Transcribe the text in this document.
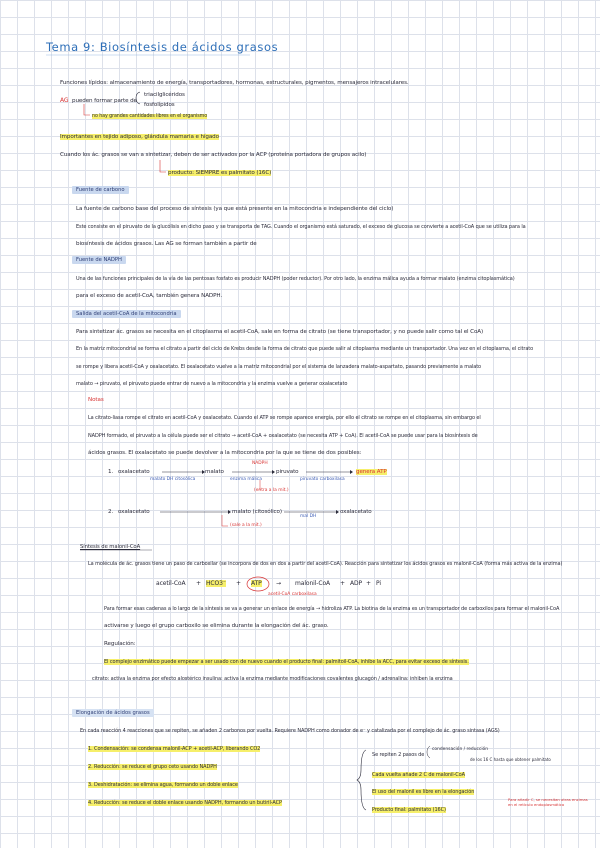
Tema 9: Biosíntesis de ácidos grasos
Funciones lípidos: almacenamiento de energía, transportadores, hormonas, estructurales, pigmentos, mensajeros intracelulares.
AG pueden formar parte de
triacilglicéridos
fosfolípidos
no hay grandes cantidades libres en el organismo
Importantes en tejido adiposo, glándula mamaria e hígado
Cuando los ác. grasos se van a sintetizar, deben de ser activados por la ACP (proteína portadora de grupos acilo)
producto: SIEMPRE es palmitato (16C)
Fuente de carbono
La fuente de carbono base del proceso de síntesis (ya que está presente en la mitocondria e independiente del ciclo)
Este consiste en el piruvato de la glucólisis en dicho paso y se transporta de TAG. Cuando el organismo está saturado, el exceso de glucosa se convierte a acetil-CoA que se utiliza para la
biosíntesis de ácidos grasos. Las AG se forman también a partir de
Fuente de NADPH
Una de las funciones principales de la vía de las pentosas fosfato es producir NADPH (poder reductor). Por otro lado, la enzima málica ayuda a formar malato (enzima citoplasmática)
para el exceso de acetil-CoA, también genera NADPH.
Salida del acetil-CoA de la mitocondria
Para sintetizar ác. grasos se necesita en el citoplasma el acetil-CoA, sale en forma de citrato (se tiene transportador, y no puede salir como tal el CoA)
En la matriz mitocondrial se forma el citrato a partir del ciclo de Krebs desde la forma de citrato que puede salir al citoplasma mediante un transportador. Una vez en el citoplasma, el citrato
se rompe y libera acetil-CoA y oxalacetato. El oxalacetato vuelve a la matriz mitocondrial por el sistema de lanzadera malato-aspartato, pasando previamente a malato
malato → piruvato, el piruvato puede entrar de nuevo a la mitocondria y la enzima vuelve a generar oxalacetato
Notas
La citrato-liasa rompe el citrato en acetil-CoA y oxalacetato. Cuando el ATP se rompe aparece energía, por ello el citrato se rompe en el citoplasma, sin embargo el
NADPH formado, el piruvato a la célula puede ser el citrato → acetil-CoA + oxalacetato (se necesita ATP + CoA). El acetil-CoA se puede usar para la biosíntesis de
ácidos grasos. El oxalacetato se puede devolver a la mitocondria por la que se tiene de dos posibles:
1. oxalacetato	malato	piruvato	genera ATP
malato DH citosólica	enzima málica	piruvato carboxilasa
NADPH
(entra a la mit.)
2. oxalacetato	malato (citosólico)	oxalacetato
mal DH
(sale a la mit.)
Síntesis de malonil-CoA
La molécula de ác. grasos tiene un paso de carboxilar (se incorpora de dos en dos a partir del acetil-CoA). Reacción para sintetizar los ácidos grasos es malonil-CoA (forma más activa de la enzima)
acetil-CoA + HCO3⁻ + ATP → malonil-CoA + ADP + Pi
acetil-CoA carboxilasa
Para formar esas cadenas a lo largo de la síntesis se va a generar un enlace de energía → hidroliza ATP. La biotina de la enzima es un transportador de carboxilos para formar el malonil-CoA
activarse y luego el grupo carboxilo se elimina durante la elongación del ác. graso.
Regulación:
El complejo enzimático puede empezar a ser usado con de nuevo cuando el producto final: palmitoil-CoA, inhibe la ACC, para evitar exceso de síntesis.
citrato: activa la enzima por efecto alostérico insulina: activa la enzima mediante modificaciones covalentes glucagón / adrenalina: inhiben la enzima
Elongación de ácidos grasos
En cada reacción 4 reacciones que se repiten, se añaden 2 carbonos por vuelta. Requiere NADPH como donador de e⁻ y catalizada por el complejo de ác. graso sintasa (AGS)
1. Condensación: se condensa malonil-ACP + acetil-ACP, liberando CO2
2. Reducción: se reduce el grupo ceto usando NADPH
3. Deshidratación: se elimina agua, formando un doble enlace
4. Reducción: se reduce el doble enlace usando NADPH, formando un butiril-ACP
Se repiten 2 pasos de
condensación / reducción
de los 16 C hasta que obtener palmitato
Cada vuelta añade 2 C de malonil-CoA
El uso del malonil es libre en la elongación
Producto final: palmitato (16C)
Para añadir C, se necesitan otras enzimas en el retículo endoplasmático
